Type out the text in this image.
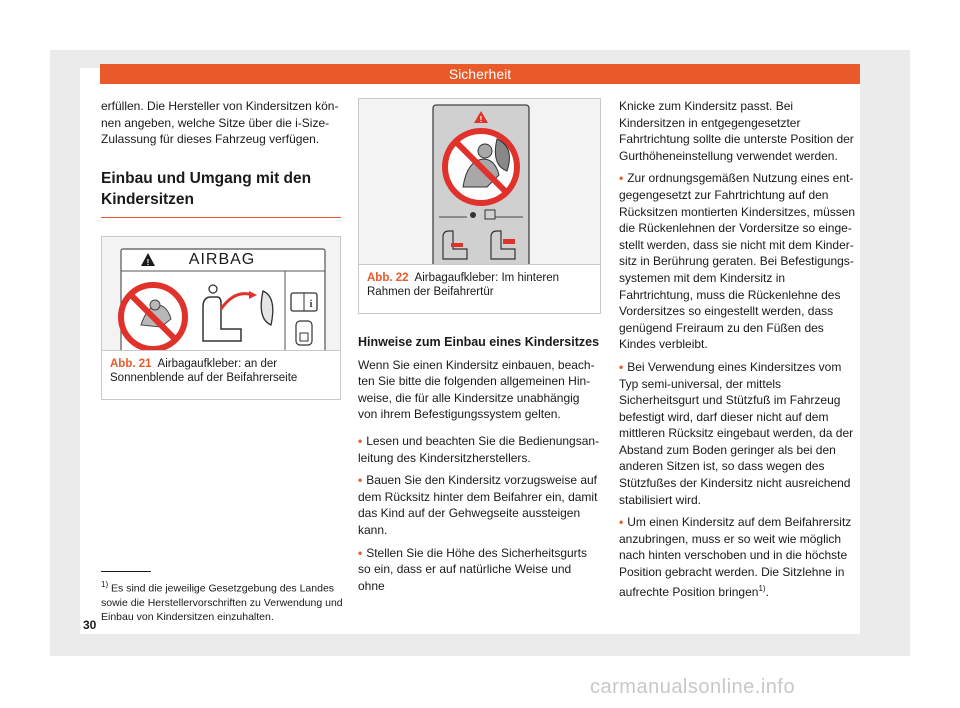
Sicherheit

erfüllen. Die Hersteller von Kindersitzen können angeben, welche Sitze über die i-Size-Zulassung für dieses Fahrzeug verfügen.

Einbau und Umgang mit den Kindersitzen
!
i
AIRBAG
Abb. 21 Airbagaufkleber: an der Sonnenblende auf der Beifahrerseite
!
Abb. 22 Airbagaufkleber: Im hinteren Rahmen der Beifahrertür
Hinweise zum Einbau eines Kindersitzes

Wenn Sie einen Kindersitz einbauen, beachten Sie bitte die folgenden allgemeinen Hinweise, die für alle Kindersitze unabhängig von ihrem Befestigungssystem gelten.

• Lesen und beachten Sie die Bedienungsanleitung des Kindersitzherstellers.

• Bauen Sie den Kindersitz vorzugsweise auf dem Rücksitz hinter dem Beifahrer ein, damit das Kind auf der Gehwegseite aussteigen kann.

• Stellen Sie die Höhe des Sicherheitsgurts so ein, dass er auf natürliche Weise und ohne

Knicke zum Kindersitz passt. Bei Kindersitzen in entgegengesetzter Fahrtrichtung sollte die unterste Position der Gurthöheneinstellung verwendet werden.

• Zur ordnungsgemäßen Nutzung eines entgegengesetzt zur Fahrtrichtung auf den Rücksitzen montierten Kindersitzes, müssen die Rückenlehnen der Vordersitze so eingestellt werden, dass sie nicht mit dem Kindersitz in Berührung geraten. Bei Befestigungssystemen mit dem Kindersitz in Fahrtrichtung, muss die Rückenlehne des Vordersitzes so eingestellt werden, dass genügend Freiraum zu den Füßen des Kindes verbleibt.

• Bei Verwendung eines Kindersitzes vom Typ semi-universal, der mittels Sicherheitsgurt und Stützfuß im Fahrzeug befestigt wird, darf dieser nicht auf dem mittleren Rücksitz eingebaut werden, da der Abstand zum Boden geringer als bei den anderen Sitzen ist, so dass wegen des Stützfußes der Kindersitz nicht ausreichend stabilisiert wird.

• Um einen Kindersitz auf dem Beifahrersitz anzubringen, muss er so weit wie möglich nach hinten verschoben und in die höchste Position gebracht werden. Die Sitzlehne in aufrechte Position bringen$^{1)}$.

$^{1)}$ Es sind die jeweilige Gesetzgebung des Landes sowie die Herstellervorschriften zu Verwendung und Einbau von Kindersitzen einzuhalten.
30
carmanualsonline.info
